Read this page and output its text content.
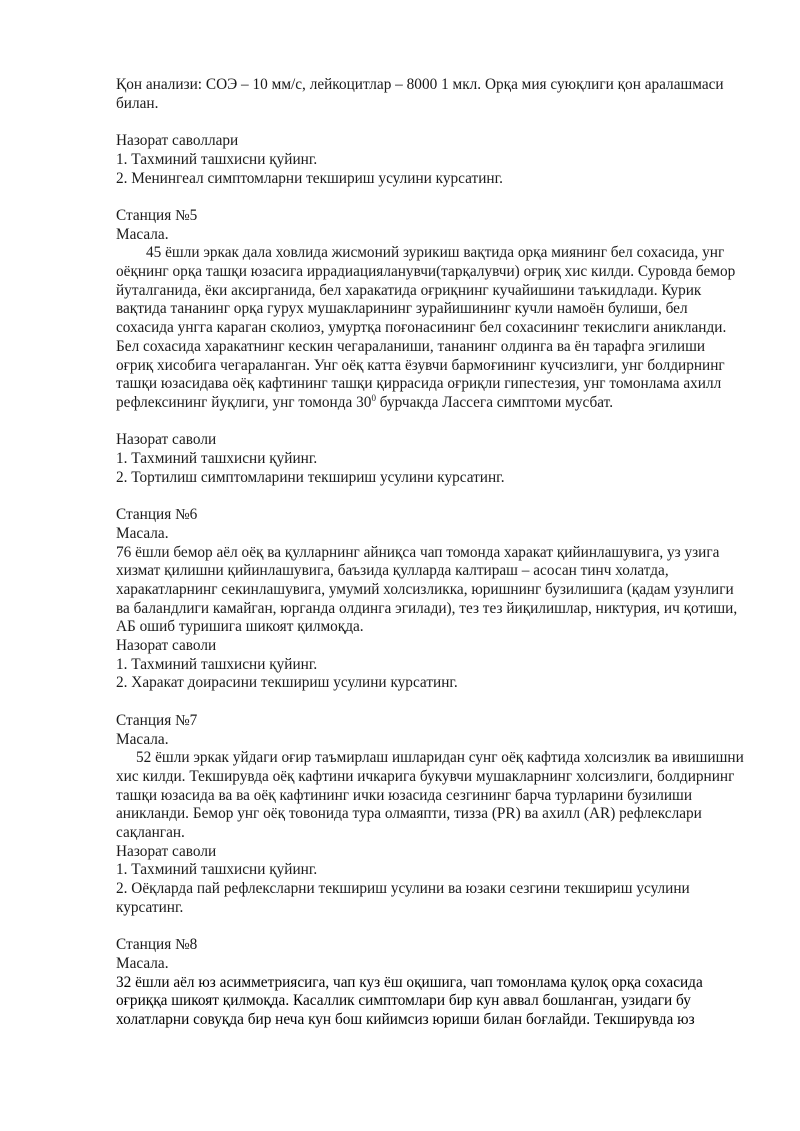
Қон анализи: СОЭ – 10 мм/с, лейкоцитлар – 8000 1 мкл. Орқа мия суюқлиги қон аралашмаси билан.

Назорат саволлари

1. Тахминий ташхисни қуйинг.

2. Менингеал симптомларни текшириш усулини курсатинг.

Станция №5

Масала.

45 ёшли эркак дала ховлида жисмоний зурикиш вақтида орқа миянинг бел сохасида, унг оёқнинг орқа ташқи юзасига иррадиацияланувчи(тарқалувчи) оғриқ хис килди. Суровда бемор йуталганида, ёки аксирганида, бел харакатида оғриқнинг кучайишини таъкидлади. Курик вақтида тананинг орқа гурух мушакларининг зурайишининг кучли намоён булиши, бел сохасида унгга караган сколиоз, умуртқа поғонасининг бел сохасининг текислиги аникланди. Бел сохасида харакатнинг кескин чегараланиши, тананинг олдинга ва ён тарафга эгилиши оғриқ хисобига чегараланган. Унг оёқ катта ёзувчи бармоғининг кучсизлиги, унг болдирнинг ташқи юзасидава оёқ кафтининг ташқи қиррасида оғриқли гипестезия, унг томонлама ахилл рефлексининг йуқлиги, унг томонда $30^0$ бурчакда Лассега симптоми мусбат.

Назорат саволи

1. Тахминий ташхисни қуйинг.

2. Тортилиш симптомларини текшириш усулини курсатинг.

Станция №6

Масала.

76 ёшли бемор аёл оёқ ва қулларнинг айниқса чап томонда харакат қийинлашувига, уз узига хизмат қилишни қийинлашувига, баъзида қулларда калтираш – асосан тинч холатда, харакатларнинг секинлашувига, умумий холсизликка, юришнинг бузилишига (қадам узунлиги ва баландлиги камайган, юрганда олдинга эгилади), тез тез йиқилишлар, никтурия, ич қотиши, АБ ошиб туришига шикоят қилмоқда.

Назорат саволи

1. Тахминий ташхисни қуйинг.

2. Харакат доирасини текшириш усулини курсатинг.

Станция №7

Масала.

52 ёшли эркак уйдаги оғир таъмирлаш ишларидан сунг оёқ кафтида холсизлик ва ивишишни хис килди. Текширувда оёқ кафтини ичкарига букувчи мушакларнинг холсизлиги, болдирнинг ташқи юзасида ва ва оёқ кафтининг ички юзасида сезгининг барча турларини бузилиши аникланди. Бемор унг оёқ товонида тура олмаяпти, тизза (PR) ва ахилл (AR) рефлекслари сақланган.

Назорат саволи

1. Тахминий ташхисни қуйинг.

2. Оёқларда пай рефлексларни текшириш усулини ва юзаки сезгини текшириш усулини курсатинг.

Станция №8

Масала.

32 ёшли аёл юз асимметриясига, чап куз ёш оқишига, чап томонлама қулоқ орқа сохасида оғриққа шикоят қилмоқда. Касаллик симптомлари бир кун аввал бошланган, узидаги бу холатларни совуқда бир неча кун бош кийимсиз юриши билан боғлайди. Текширувда юз
